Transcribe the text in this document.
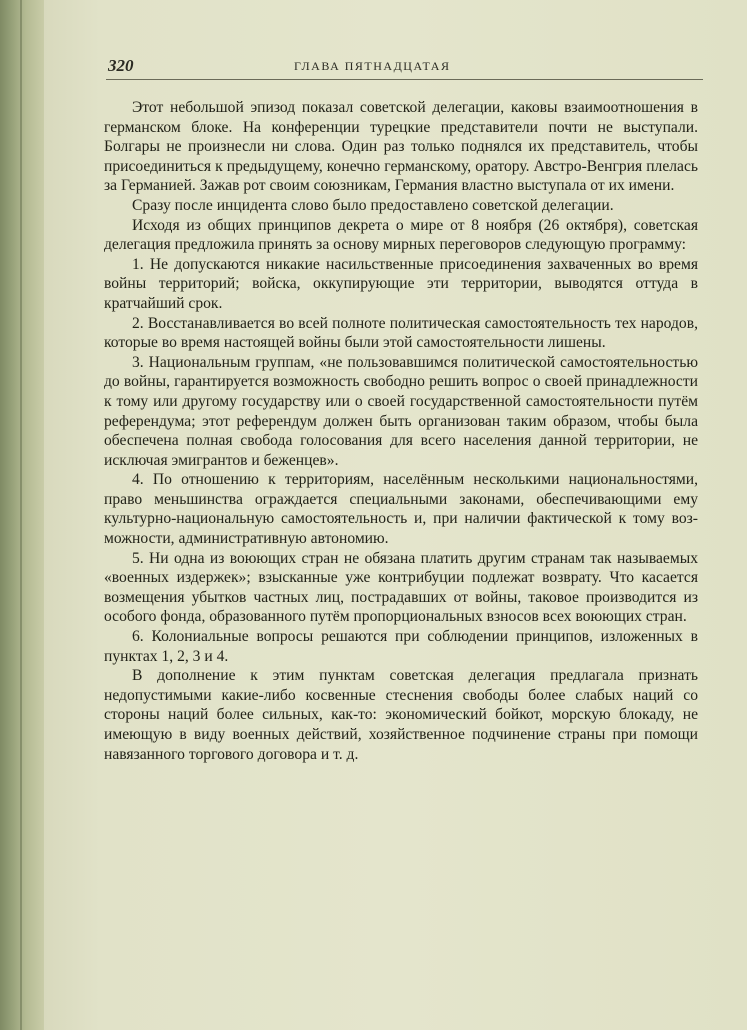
320	ГЛАВА ПЯТНАДЦАТАЯ

Этот небольшой эпизод показал советской делегации, каковы взаимоотношения в германском блоке. На конференции турецкие представители почти не выступали. Болгары не произнесли ни слова. Один раз только поднялся их представитель, чтобы присоединиться к предыдущему, конечно германскому, оратору. Австро-Венгрия плелась за Германией. Зажав рот своим союзникам, Германия властно выступала от их имени.

Сразу после инцидента слово было предоставлено советской делегации.

Исходя из общих принципов декрета о мире от 8 ноября (26 октября), советская делегация предложила принять за основу мирных переговоров следующую программу:

1. Не допускаются никакие насильственные присоединения захваченных во время войны территорий; войска, оккупирующие эти территории, выводятся оттуда в кратчайший срок.

2. Восстанавливается во всей полноте политическая самостоятельность тех народов, которые во время настоящей войны были этой самостоятельности лишены.

3. Национальным группам, «не пользовавшимся политической самостоятельностью до войны, гарантируется возможность свободно решить вопрос о своей принадлежности к тому или другому государству или о своей государственной самостоятельности путём референдума; этот референдум должен быть организован таким образом, чтобы была обеспечена полная свобода голосования для всего населения данной территории, не исключая эмигрантов и беженцев».

4. По отношению к территориям, населённым несколькими национальностями, право меньшинства ограждается специальными законами, обеспечивающими ему культурно-национальную самостоятельность и, при наличии фактической к тому возможности, административную автономию.

5. Ни одна из воюющих стран не обязана платить другим странам так называемых «военных издержек»; взысканные уже контрибуции подлежат возврату. Что касается возмещения убытков частных лиц, пострадавших от войны, таковое производится из особого фонда, образованного путём пропорциональных взносов всех воюющих стран.

6. Колониальные вопросы решаются при соблюдении принципов, изложенных в пунктах 1, 2, 3 и 4.

В дополнение к этим пунктам советская делегация предлагала признать недопустимыми какие-либо косвенные стеснения свободы более слабых наций со стороны наций более сильных, как-то: экономический бойкот, морскую блокаду, не имеющую в виду военных действий, хозяйственное подчинение страны при помощи навязанного торгового договора и т. д.
